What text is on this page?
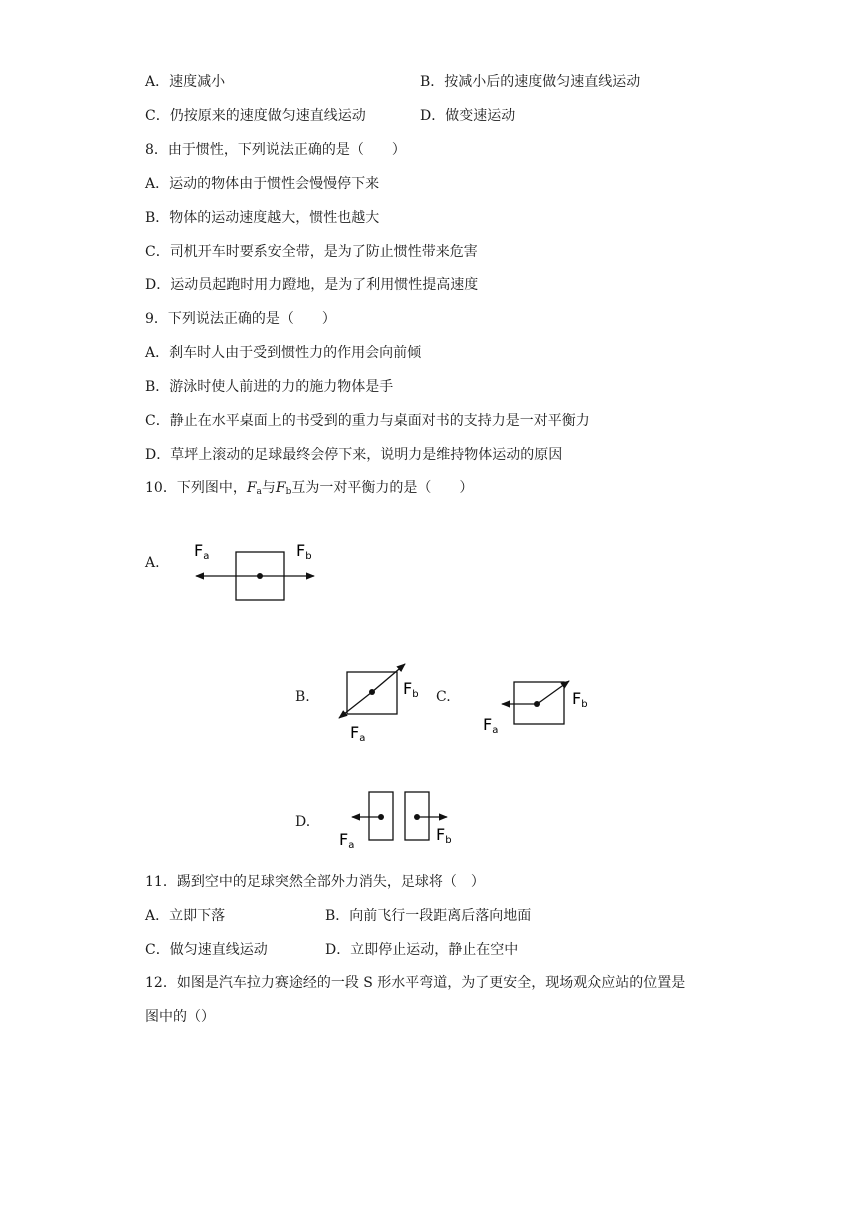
A．速度减小	B．按减小后的速度做匀速直线运动
C．仍按原来的速度做匀速直线运动	D．做变速运动
8．由于惯性，下列说法正确的是（　　）
A．运动的物体由于惯性会慢慢停下来
B．物体的运动速度越大，惯性也越大
C．司机开车时要系安全带，是为了防止惯性带来危害
D．运动员起跑时用力蹬地，是为了利用惯性提高速度
9．下列说法正确的是（　　）
A．刹车时人由于受到惯性力的作用会向前倾
B．游泳时使人前进的力的施力物体是手
C．静止在水平桌面上的书受到的重力与桌面对书的支持力是一对平衡力
D．草坪上滚动的足球最终会停下来，说明力是维持物体运动的原因
10．下列图中，$F_a$与$F_b$互为一对平衡力的是（　　）
A.
Fa	Fb
B.	Fb
Fa
C.	Fb
Fa
D.
Fa
Fb
11．踢到空中的足球突然全部外力消失，足球将（　）
A．立即下落	B．向前飞行一段距离后落向地面
C．做匀速直线运动	D．立即停止运动，静止在空中
12．如图是汽车拉力赛途经的一段 S 形水平弯道，为了更安全，现场观众应站的位置是
图中的（）
